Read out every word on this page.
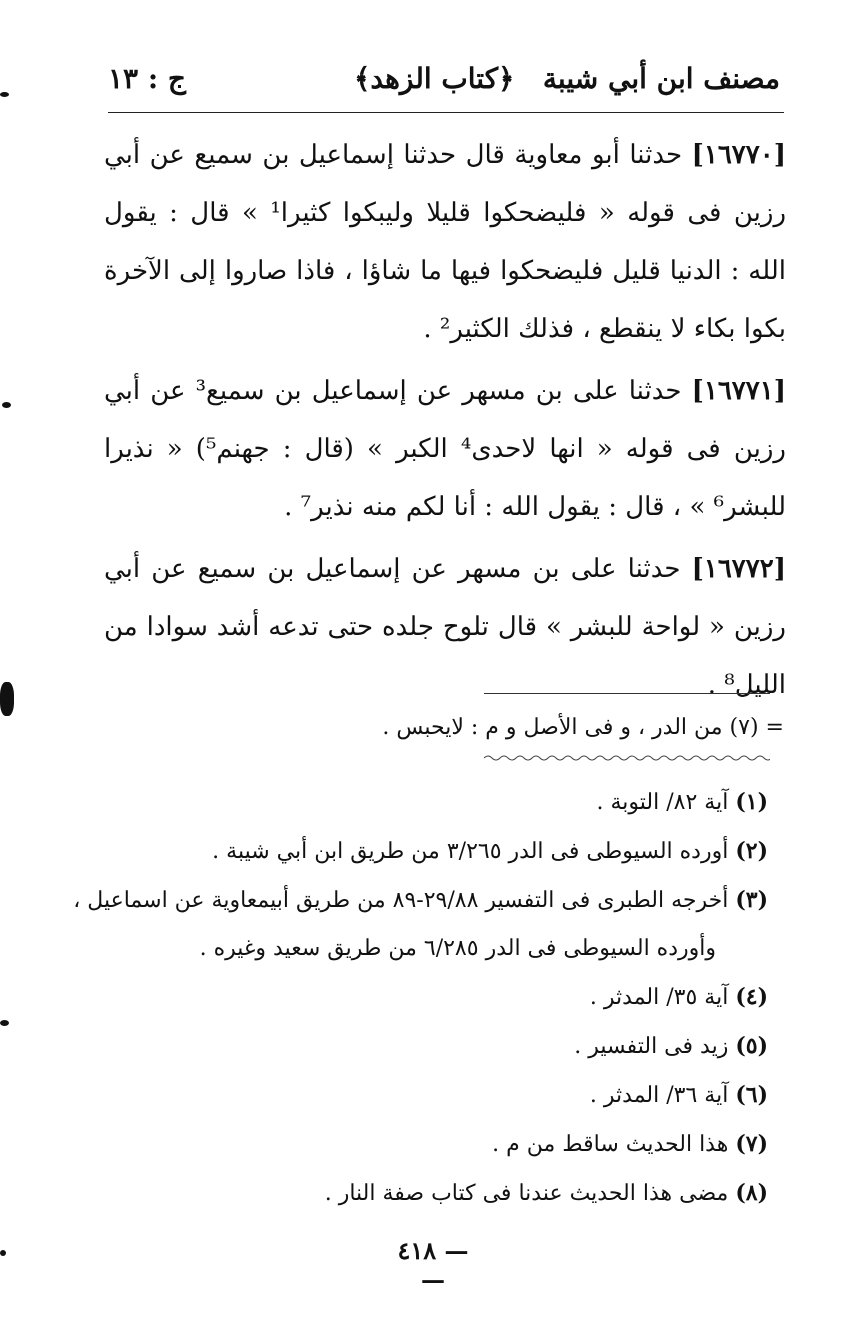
مصنف ابن أبي شيبة
﴿كتاب الزهد﴾
ج : ١٣

[١٦٧٧٠] حدثنا أبو معاوية قال حدثنا إسماعيل بن سميع عن أبي رزين فى قوله « فليضحكوا قليلا وليبكوا كثيرا¹ » قال : يقول الله : الدنيا قليل فليضحكوا فيها ما شاؤا ، فاذا صاروا إلى الآخرة بكوا بكاء لا ينقطع ، فذلك الكثير² .

[١٦٧٧١] حدثنا على بن مسهر عن إسماعيل بن سميع³ عن أبي رزين فى قوله « انها لاحدى⁴ الكبر » (قال : جهنم⁵) « نذيرا للبشر⁶ » ، قال : يقول الله : أنا لكم منه نذير⁷ .

[١٦٧٧٢] حدثنا على بن مسهر عن إسماعيل بن سميع عن أبي رزين « لواحة للبشر » قال تلوح جلده حتى تدعه أشد سوادا من الليل⁸ .

= (٧) من الدر ، و فى الأصل و م : لايحبس .
(١) آية ٨٢/ التوبة .
(٢) أورده السيوطى فى الدر ٣/٢٦٥ من طريق ابن أبي شيبة .
(٣) أخرجه الطبرى فى التفسير ٢٩/٨٨-٨٩ من طريق أبيمعاوية عن اسماعيل ،
وأورده السيوطى فى الدر ٦/٢٨٥ من طريق سعيد وغيره .
(٤) آية ٣٥/ المدثر .
(٥) زيد فى التفسير .
(٦) آية ٣٦/ المدثر .
(٧) هذا الحديث ساقط من م .
(٨) مضى هذا الحديث عندنا فى كتاب صفة النار .
— ٤١٨ —
